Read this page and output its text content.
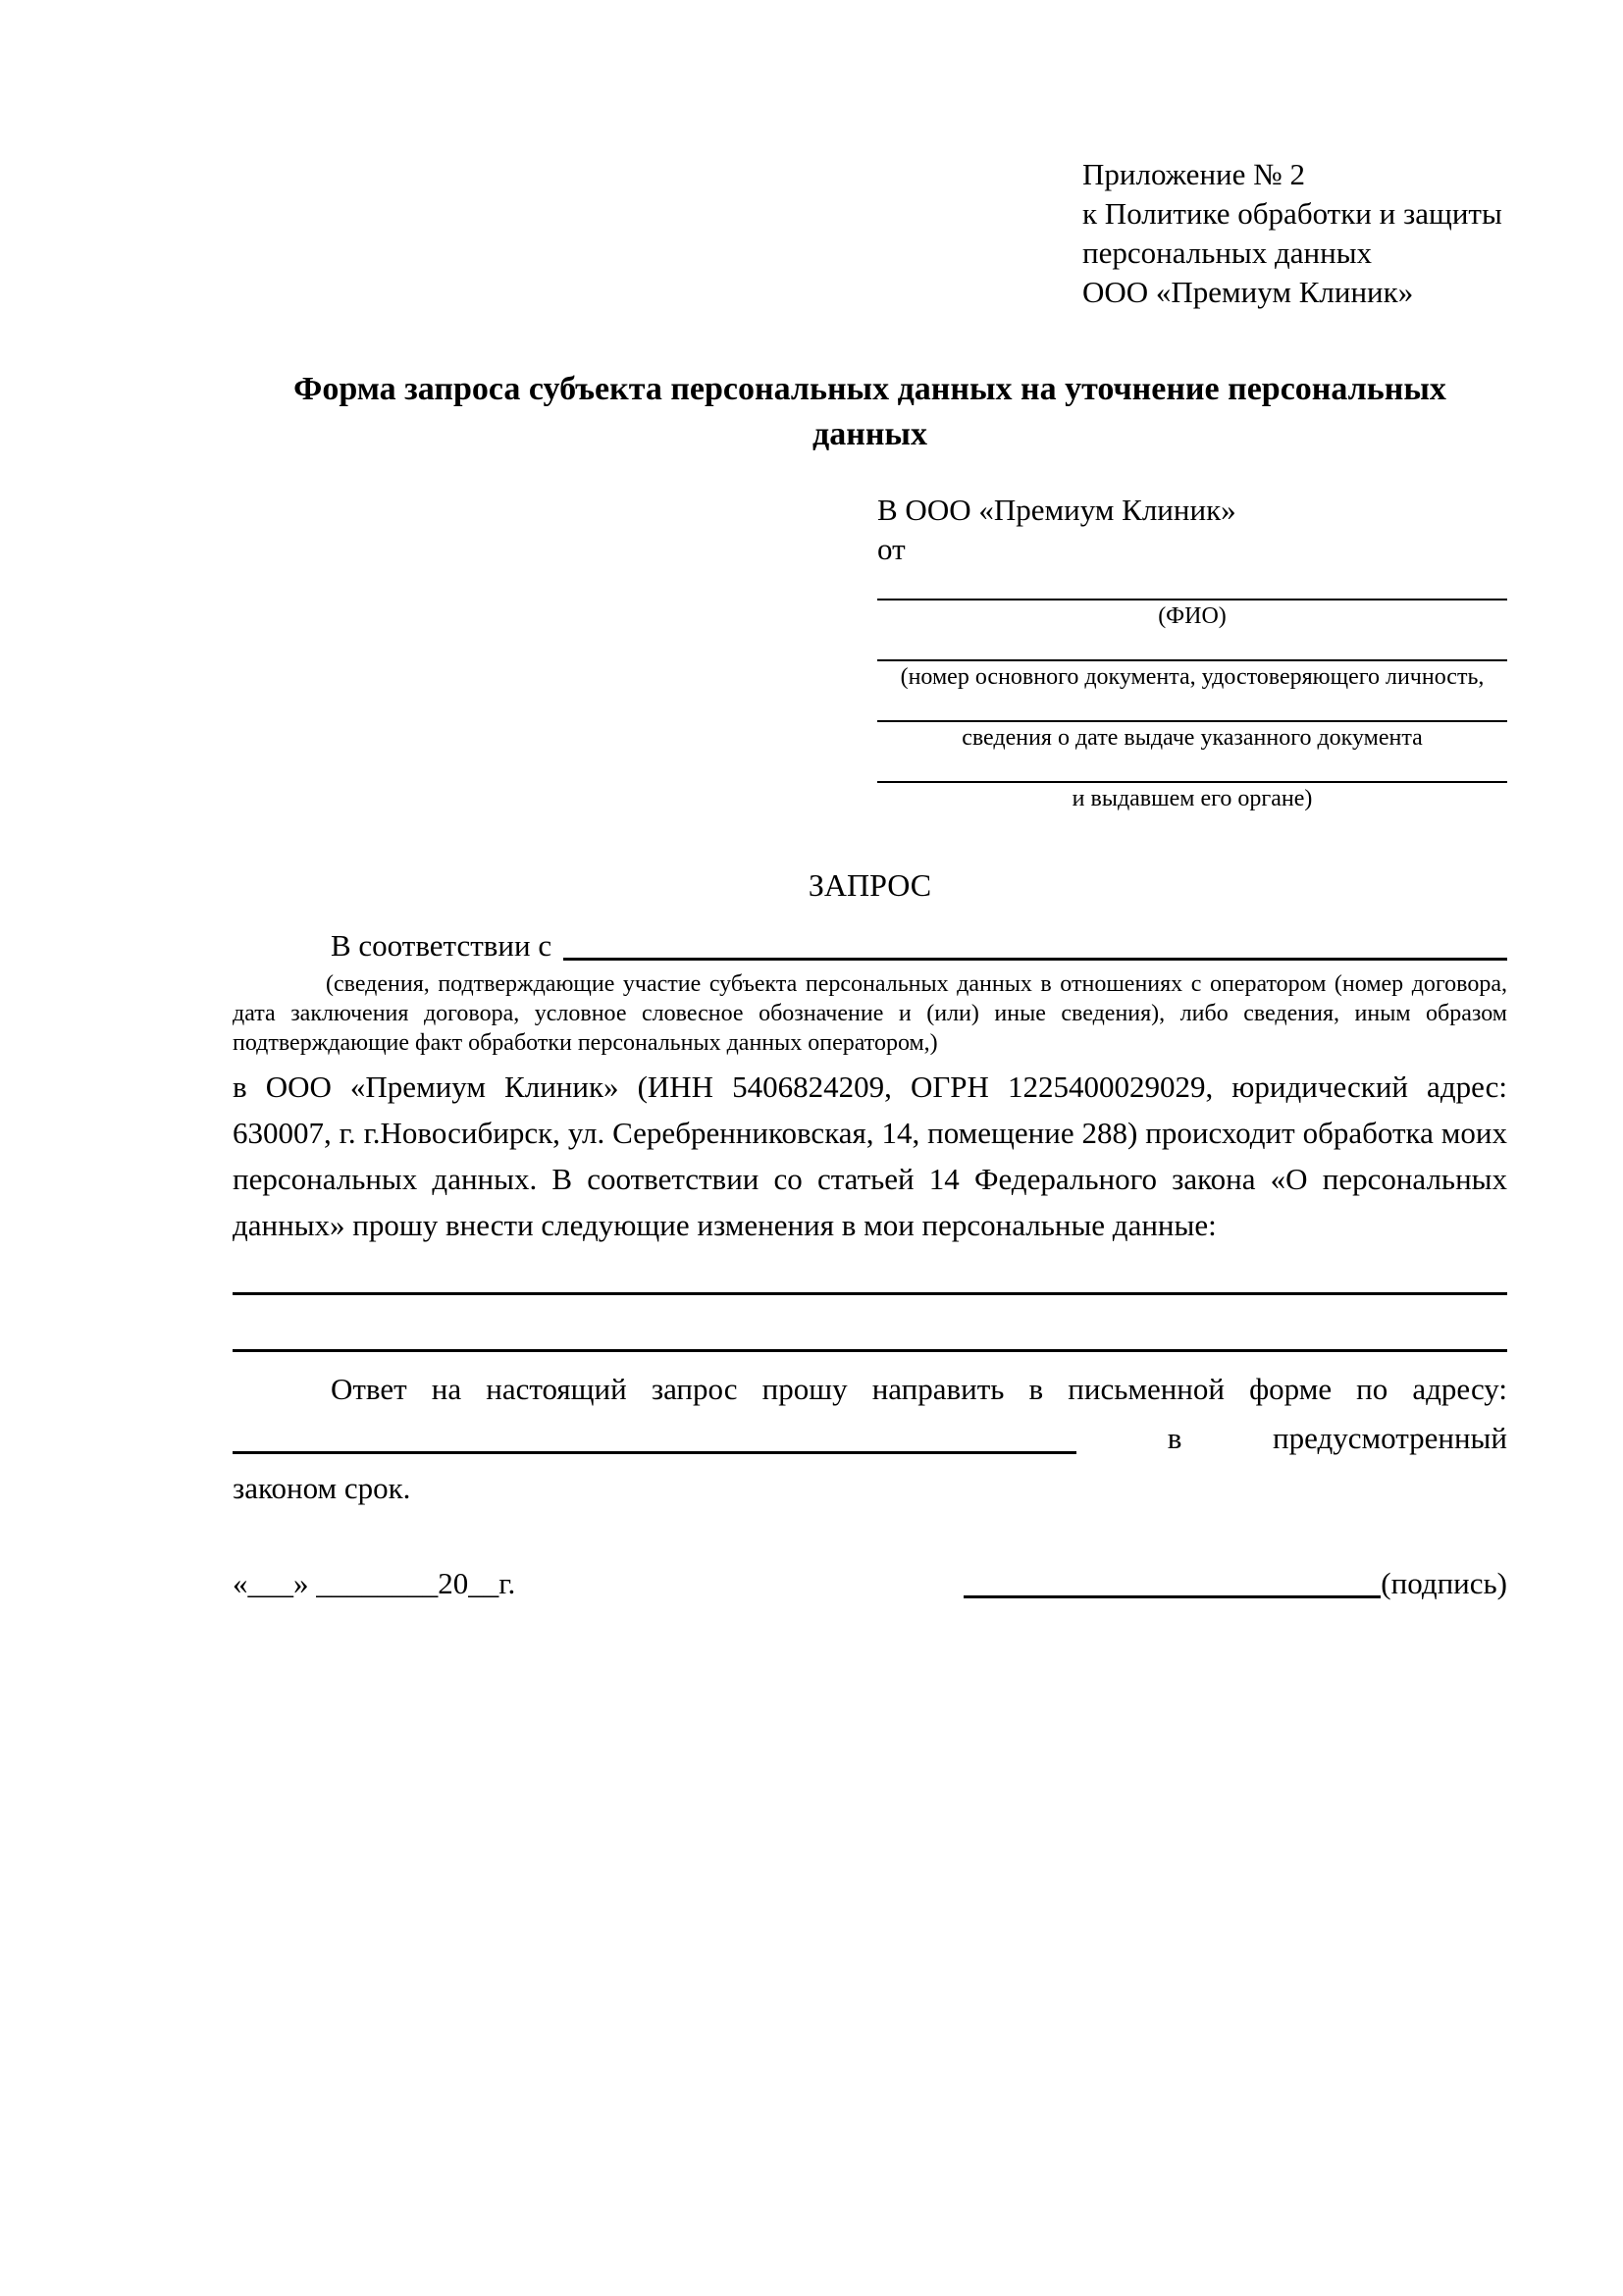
Приложение № 2
к Политике обработки и защиты
персональных данных
ООО «Премиум Клиник»
Форма запроса субъекта персональных данных на уточнение персональных данных
В ООО «Премиум Клиник»
от
(ФИО)
(номер основного документа, удостоверяющего личность,
сведения о дате выдаче указанного документа
и выдавшем его органе)
ЗАПРОС
В соответствии с
(сведения, подтверждающие участие субъекта персональных данных в отношениях с оператором (номер договора, дата заключения договора, условное словесное обозначение и (или) иные сведения), либо сведения, иным образом подтверждающие факт обработки персональных данных оператором,)
в ООО «Премиум Клиник» (ИНН 5406824209, ОГРН 1225400029029, юридический адрес: 630007, г. г.Новосибирск, ул. Серебренниковская, 14, помещение 288) происходит обработка моих персональных данных. В соответствии со статьей 14 Федерального закона «О персональных данных» прошу внести следующие изменения в мои персональные данные:
Ответ на настоящий запрос прошу направить в письменной форме по адресу:
в	предусмотренный
законом срок.
«___» ________20__г.	(подпись)
